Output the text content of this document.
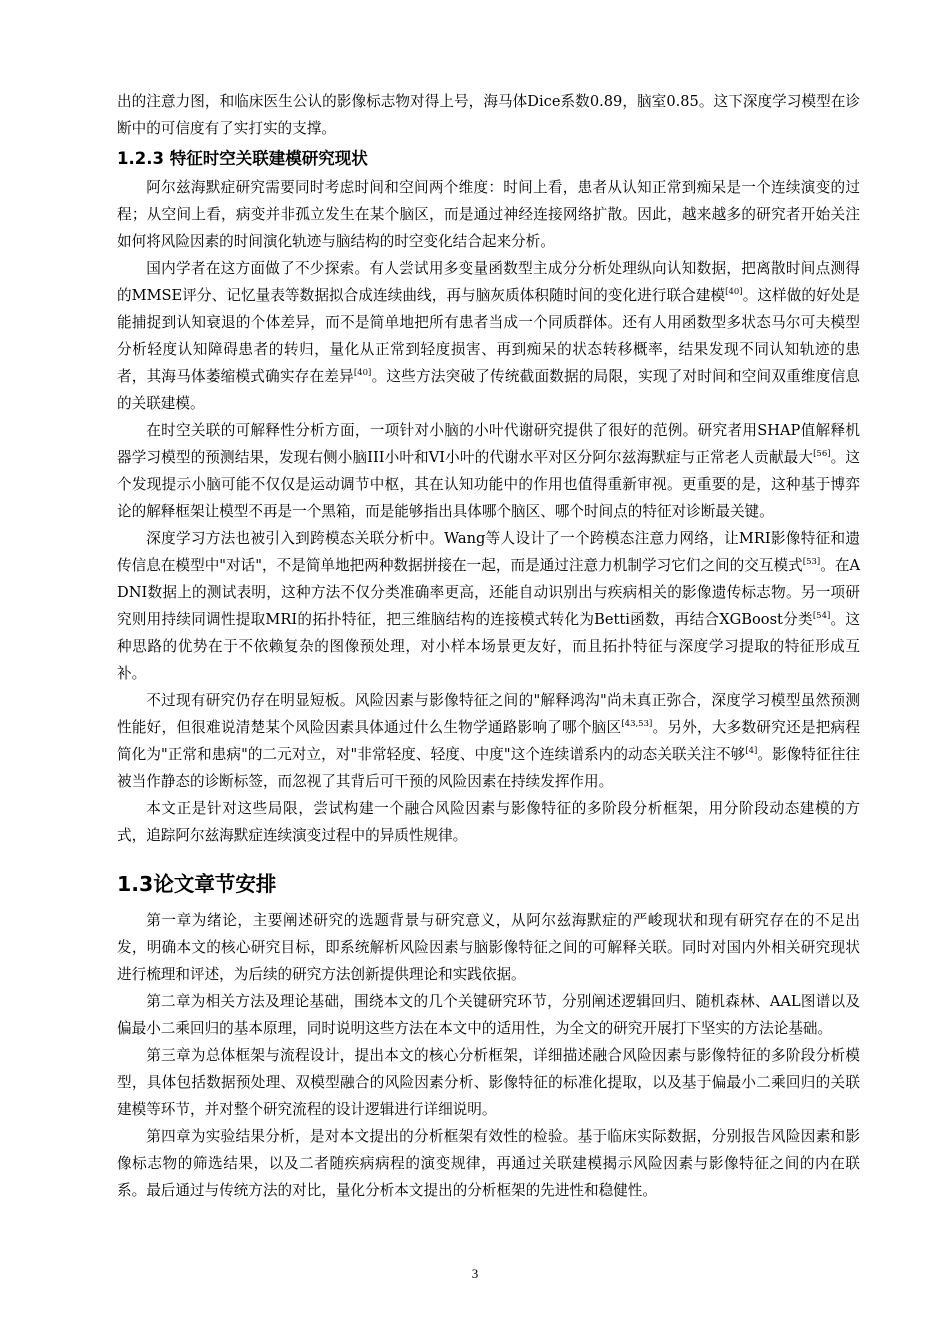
出的注意力图，和临床医生公认的影像标志物对得上号，海马体Dice系数0.89，脑室0.85。这下深度学习模型在诊断中的可信度有了实打实的支撑。

1.2.3 特征时空关联建模研究现状

阿尔兹海默症研究需要同时考虑时间和空间两个维度：时间上看，患者从认知正常到痴呆是一个连续演变的过程；从空间上看，病变并非孤立发生在某个脑区，而是通过神经连接网络扩散。因此，越来越多的研究者开始关注如何将风险因素的时间演化轨迹与脑结构的时空变化结合起来分析。

国内学者在这方面做了不少探索。有人尝试用多变量函数型主成分分析处理纵向认知数据，把离散时间点测得的MMSE评分、记忆量表等数据拟合成连续曲线，再与脑灰质体积随时间的变化进行联合建模[40]。这样做的好处是能捕捉到认知衰退的个体差异，而不是简单地把所有患者当成一个同质群体。还有人用函数型多状态马尔可夫模型分析轻度认知障碍患者的转归，量化从正常到轻度损害、再到痴呆的状态转移概率，结果发现不同认知轨迹的患者，其海马体萎缩模式确实存在差异[40]。这些方法突破了传统截面数据的局限，实现了对时间和空间双重维度信息的关联建模。

在时空关联的可解释性分析方面，一项针对小脑的小叶代谢研究提供了很好的范例。研究者用SHAP值解释机器学习模型的预测结果，发现右侧小脑III小叶和VI小叶的代谢水平对区分阿尔兹海默症与正常老人贡献最大[56]。这个发现提示小脑可能不仅仅是运动调节中枢，其在认知功能中的作用也值得重新审视。更重要的是，这种基于博弈论的解释框架让模型不再是一个黑箱，而是能够指出具体哪个脑区、哪个时间点的特征对诊断最关键。

深度学习方法也被引入到跨模态关联分析中。Wang等人设计了一个跨模态注意力网络，让MRI影像特征和遗传信息在模型中"对话"，不是简单地把两种数据拼接在一起，而是通过注意力机制学习它们之间的交互模式[53]。在ADNI数据上的测试表明，这种方法不仅分类准确率更高，还能自动识别出与疾病相关的影像遗传标志物。另一项研究则用持续同调性提取MRI的拓扑特征，把三维脑结构的连接模式转化为Betti函数，再结合XGBoost分类[54]。这种思路的优势在于不依赖复杂的图像预处理，对小样本场景更友好，而且拓扑特征与深度学习提取的特征形成互补。

不过现有研究仍存在明显短板。风险因素与影像特征之间的"解释鸿沟"尚未真正弥合，深度学习模型虽然预测性能好，但很难说清楚某个风险因素具体通过什么生物学通路影响了哪个脑区[43,53]。另外，大多数研究还是把病程简化为"正常和患病"的二元对立，对"非常轻度、轻度、中度"这个连续谱系内的动态关联关注不够[4]。影像特征往往被当作静态的诊断标签，而忽视了其背后可干预的风险因素在持续发挥作用。

本文正是针对这些局限，尝试构建一个融合风险因素与影像特征的多阶段分析框架，用分阶段动态建模的方式，追踪阿尔兹海默症连续演变过程中的异质性规律。

1.3论文章节安排

第一章为绪论，主要阐述研究的选题背景与研究意义，从阿尔兹海默症的严峻现状和现有研究存在的不足出发，明确本文的核心研究目标，即系统解析风险因素与脑影像特征之间的可解释关联。同时对国内外相关研究现状进行梳理和评述，为后续的研究方法创新提供理论和实践依据。

第二章为相关方法及理论基础，围绕本文的几个关键研究环节，分别阐述逻辑回归、随机森林、AAL图谱以及偏最小二乘回归的基本原理，同时说明这些方法在本文中的适用性，为全文的研究开展打下坚实的方法论基础。

第三章为总体框架与流程设计，提出本文的核心分析框架，详细描述融合风险因素与影像特征的多阶段分析模型，具体包括数据预处理、双模型融合的风险因素分析、影像特征的标准化提取，以及基于偏最小二乘回归的关联建模等环节，并对整个研究流程的设计逻辑进行详细说明。

第四章为实验结果分析，是对本文提出的分析框架有效性的检验。基于临床实际数据，分别报告风险因素和影像标志物的筛选结果，以及二者随疾病病程的演变规律，再通过关联建模揭示风险因素与影像特征之间的内在联系。最后通过与传统方法的对比，量化分析本文提出的分析框架的先进性和稳健性。

3
